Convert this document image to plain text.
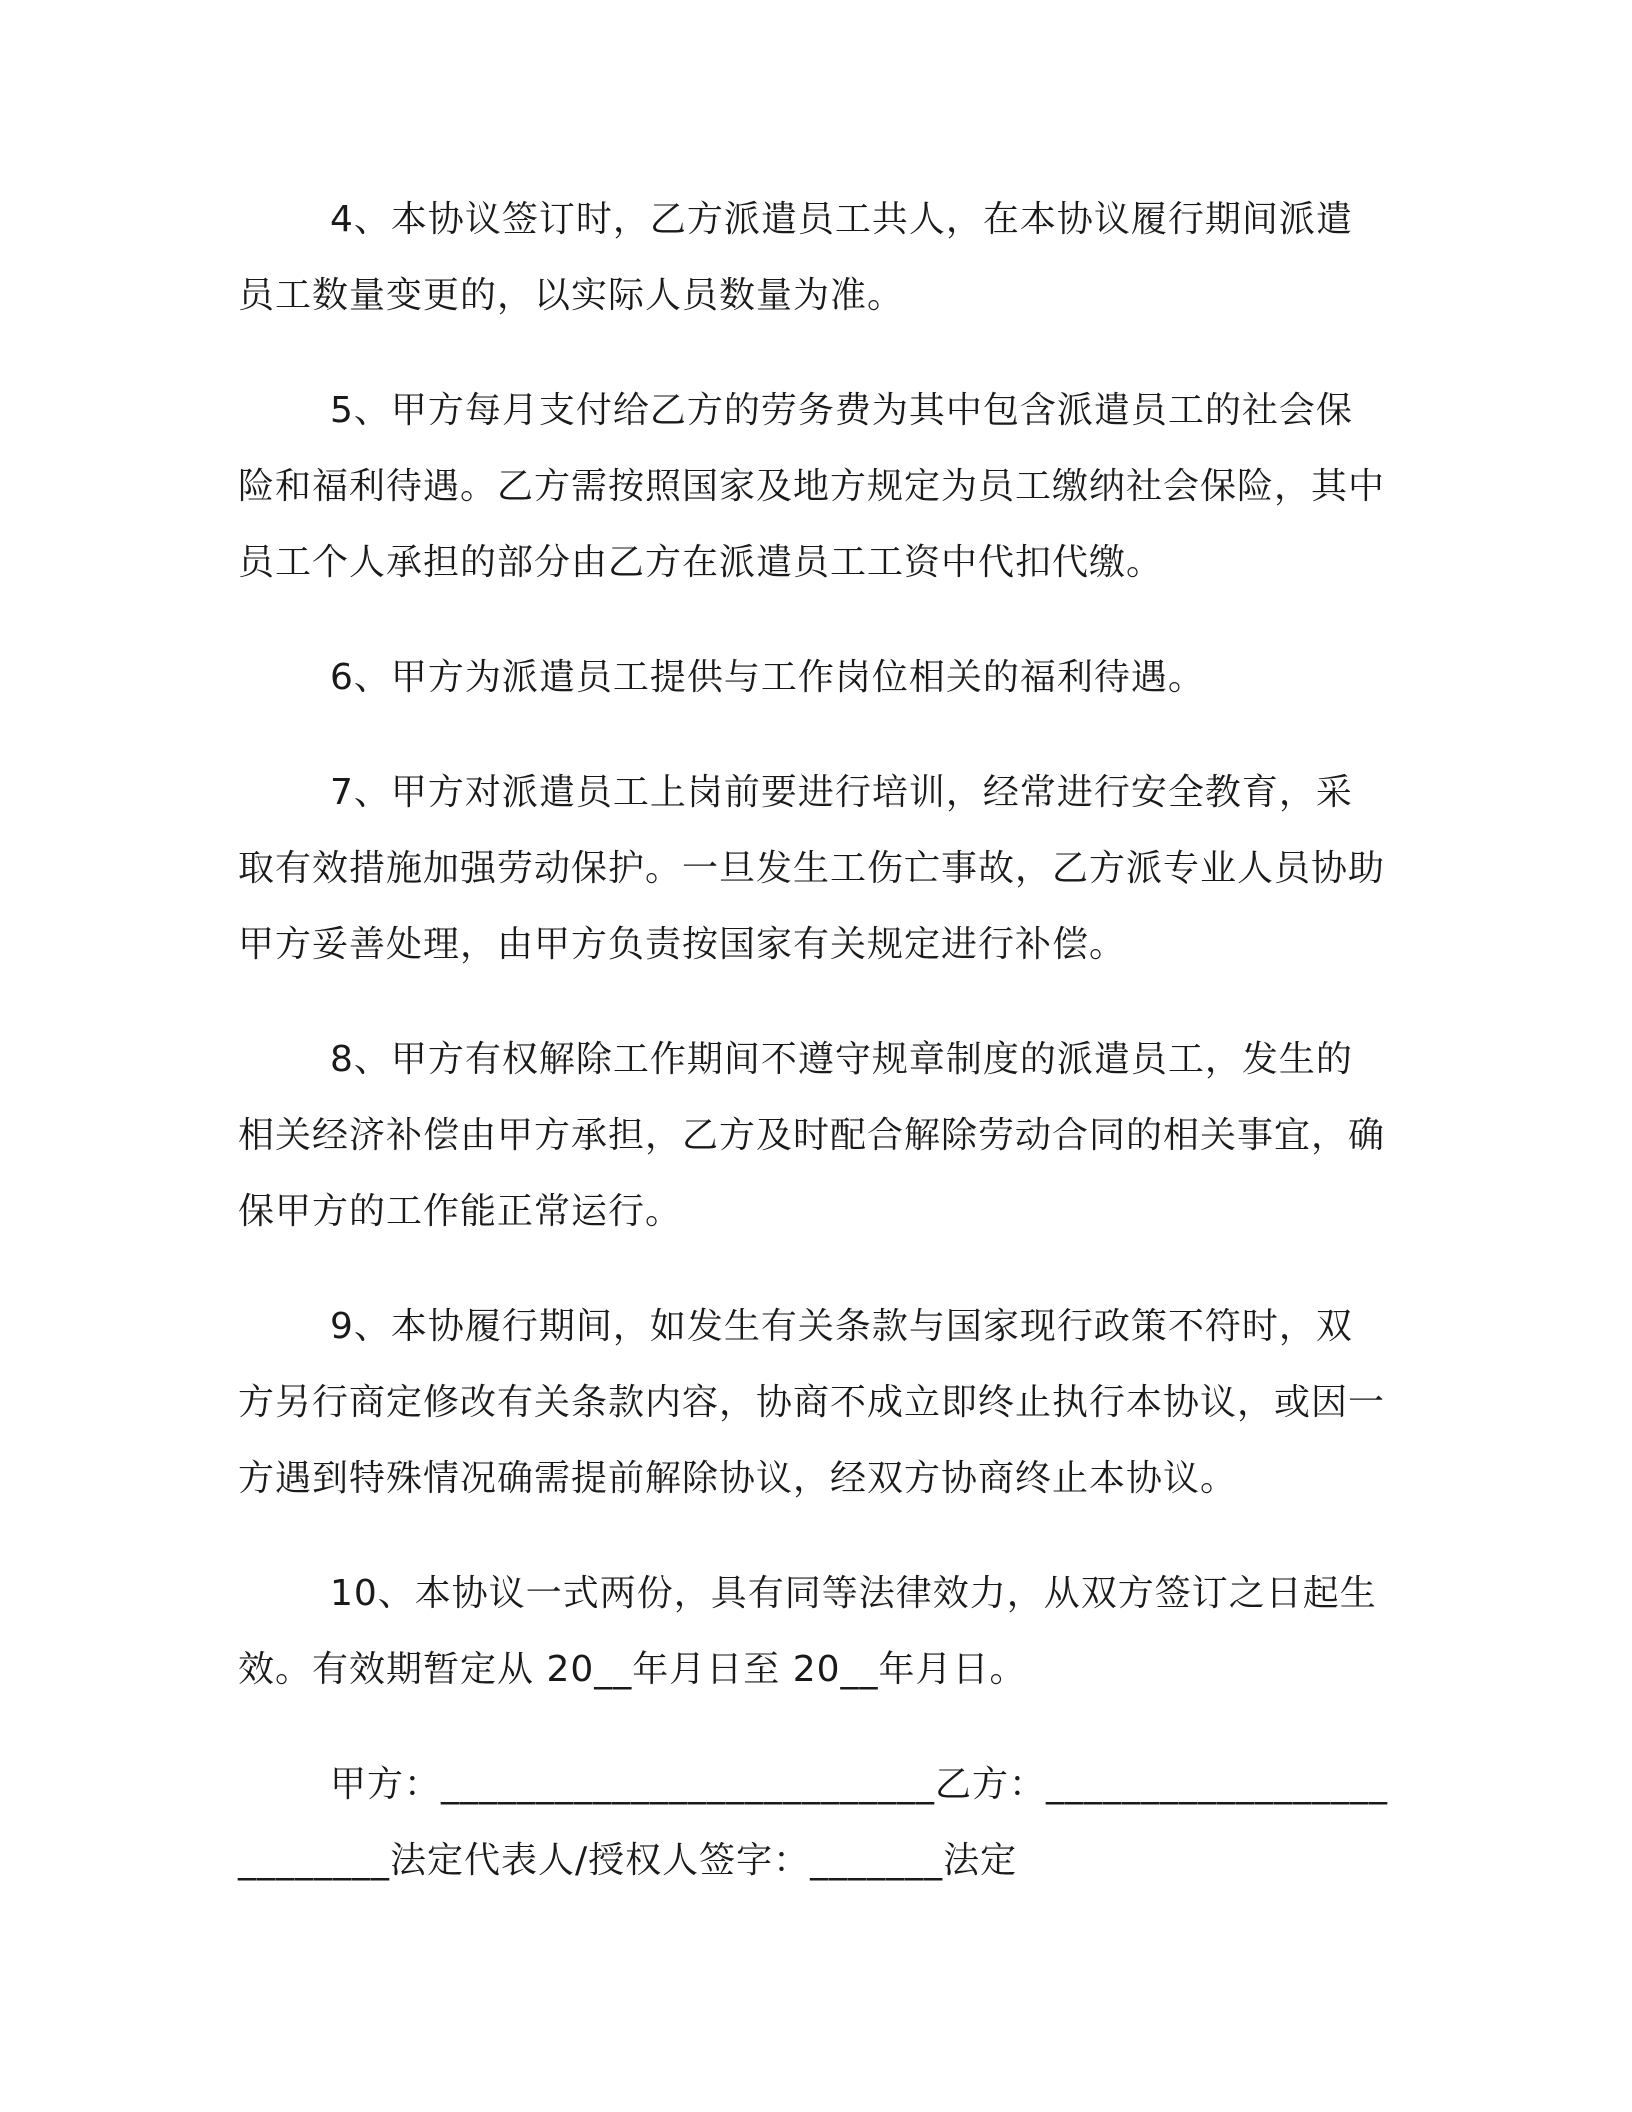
4、本协议签订时，乙方派遣员工共人，在本协议履行期间派遣员工数量变更的，以实际人员数量为准。

5、甲方每月支付给乙方的劳务费为其中包含派遣员工的社会保险和福利待遇。乙方需按照国家及地方规定为员工缴纳社会保险，其中员工个人承担的部分由乙方在派遣员工工资中代扣代缴。

6、甲方为派遣员工提供与工作岗位相关的福利待遇。

7、甲方对派遣员工上岗前要进行培训，经常进行安全教育，采取有效措施加强劳动保护。一旦发生工伤亡事故，乙方派专业人员协助甲方妥善处理，由甲方负责按国家有关规定进行补偿。

8、甲方有权解除工作期间不遵守规章制度的派遣员工，发生的相关经济补偿由甲方承担，乙方及时配合解除劳动合同的相关事宜，确保甲方的工作能正常运行。

9、本协履行期间，如发生有关条款与国家现行政策不符时，双方另行商定修改有关条款内容，协商不成立即终止执行本协议，或因一方遇到特殊情况确需提前解除协议，经双方协商终止本协议。

10、本协议一式两份，具有同等法律效力，从双方签订之日起生效。有效期暂定从 20__年月日至 20__年月日。

甲方：__________________________乙方：__________________________法定代表人/授权人签字：_______法定
